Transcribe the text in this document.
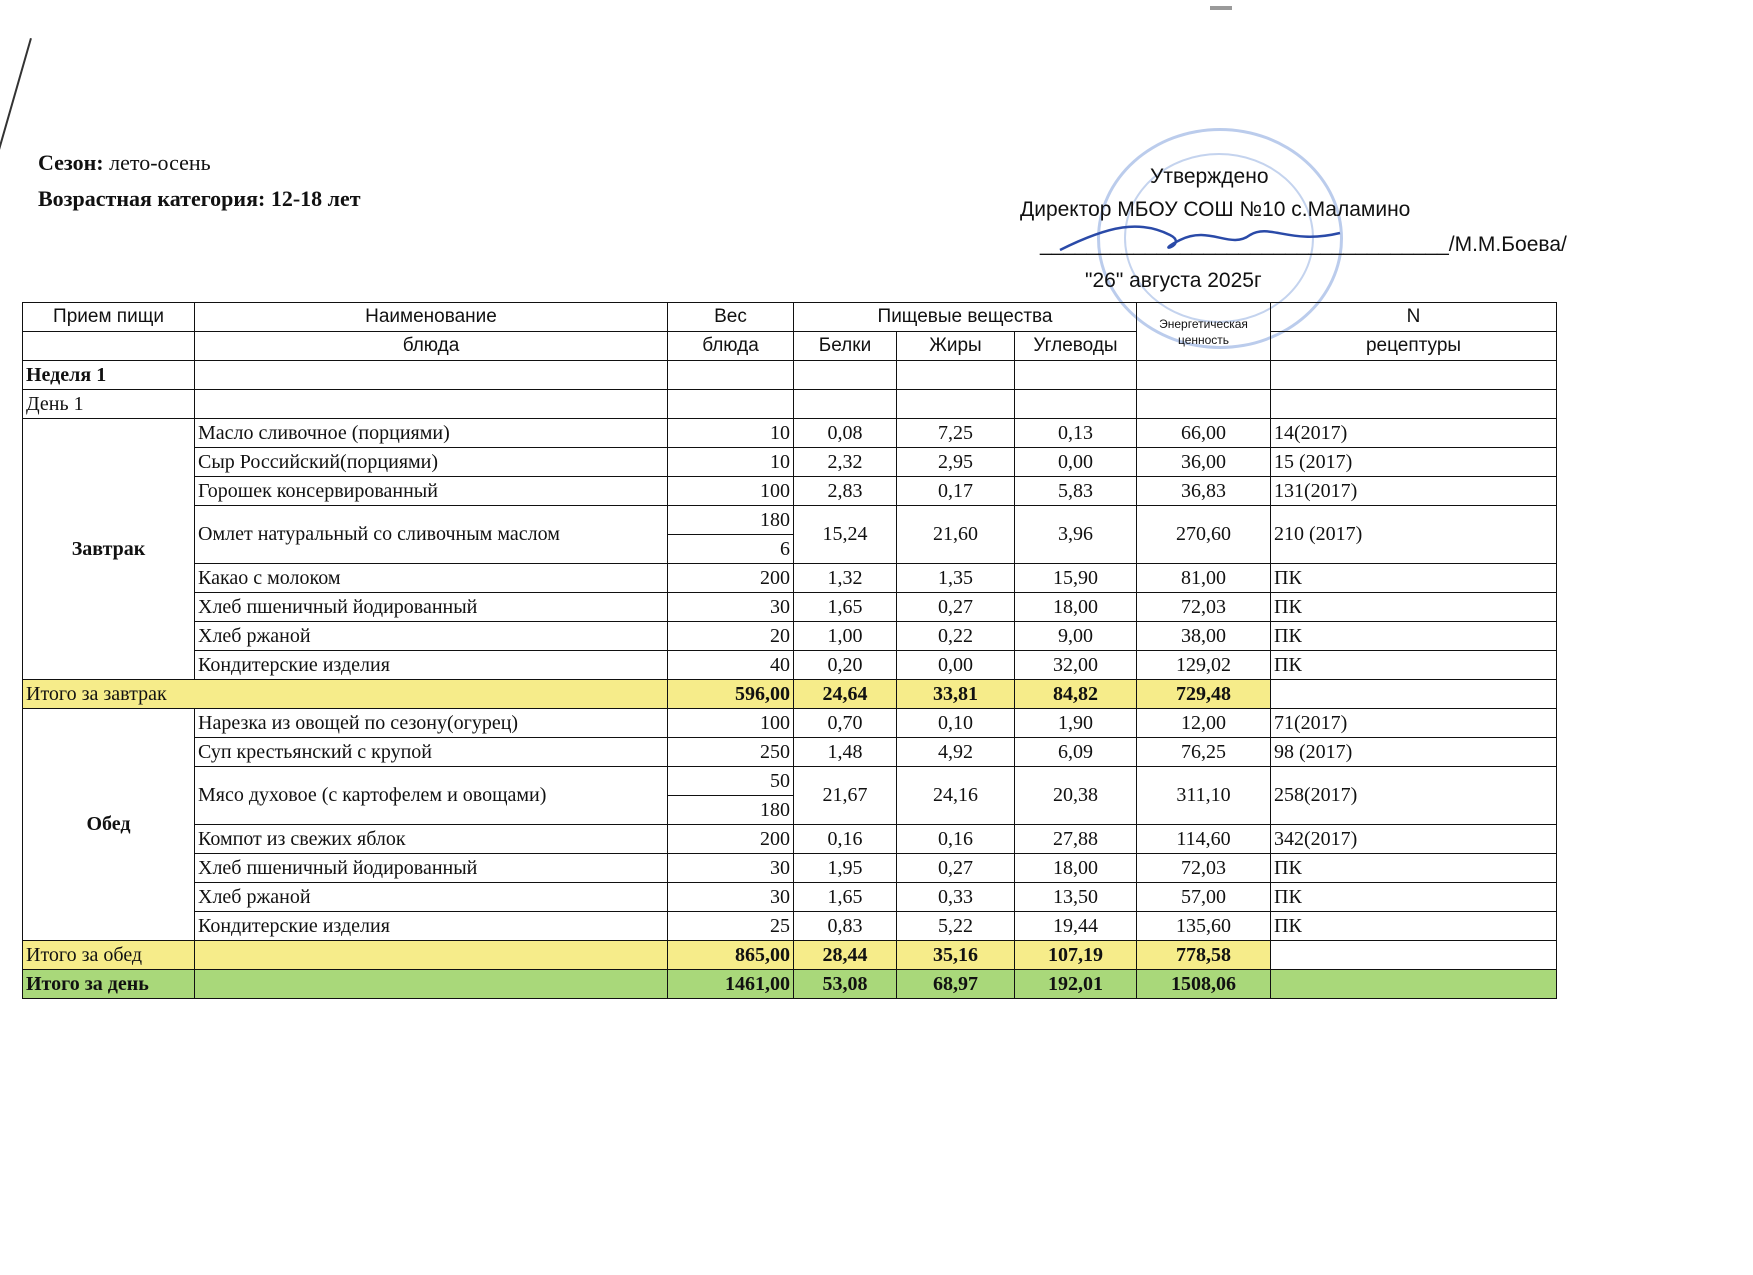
Сезон: лето-осень
Возрастная категория: 12-18 лет
Утверждено
Директор МБОУ СОШ №10 с.Маламино
___________________________________/М.М.Боева/
"26" августа 2025г
Прием пищи	Наименование	Вес	Пищевые вещества			Энергетическая ценность	N
	блюда	блюда	Белки	Жиры	Углеводы		рецептуры
Неделя 1							
День 1							
Завтрак	Масло сливочное (порциями)	10	0,08	7,25	0,13	66,00	14(2017)
	Сыр Российский(порциями)	10	2,32	2,95	0,00	36,00	15 (2017)
	Горошек консервированный	100	2,83	0,17	5,83	36,83	131(2017)
	Омлет натуральный со сливочным маслом	180	15,24	21,60	3,96	270,60	210 (2017)
		6					
	Какао с молоком	200	1,32	1,35	15,90	81,00	ПК
	Хлеб пшеничный йодированный	30	1,65	0,27	18,00	72,03	ПК
	Хлеб ржаной	20	1,00	0,22	9,00	38,00	ПК
	Кондитерские изделия	40	0,20	0,00	32,00	129,02	ПК
Итого за завтрак		596,00	24,64	33,81	84,82	729,48	
Обед	Нарезка из овощей по сезону(огурец)	100	0,70	0,10	1,90	12,00	71(2017)
	Суп крестьянский с крупой	250	1,48	4,92	6,09	76,25	98 (2017)
	Мясо духовое (с картофелем и овощами)	50	21,67	24,16	20,38	311,10	258(2017)
		180					
	Компот из свежих яблок	200	0,16	0,16	27,88	114,60	342(2017)
	Хлеб пшеничный йодированный	30	1,95	0,27	18,00	72,03	ПК
	Хлеб ржаной	30	1,65	0,33	13,50	57,00	ПК
	Кондитерские изделия	25	0,83	5,22	19,44	135,60	ПК
Итого за обед		865,00	28,44	35,16	107,19	778,58	
Итого за день		1461,00	53,08	68,97	192,01	1508,06	
